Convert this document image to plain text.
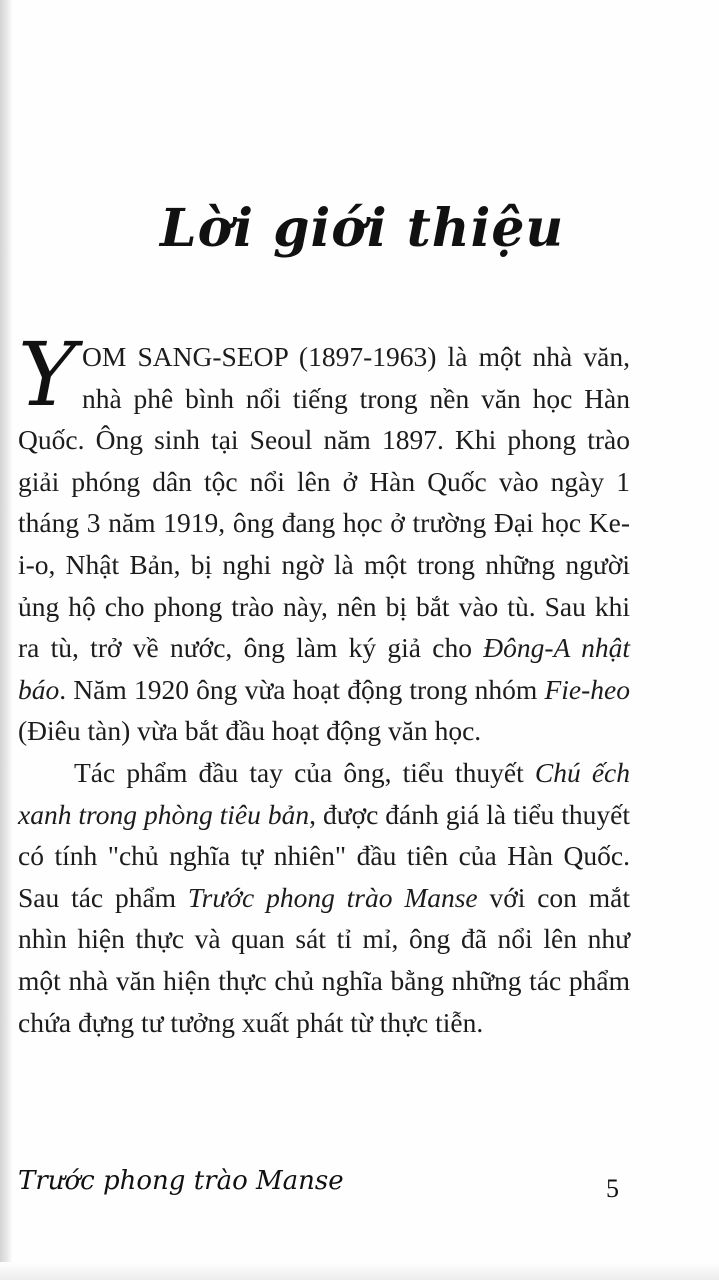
Lời giới thiệu

YOM SANG-SEOP (1897-1963) là một nhà văn, nhà phê bình nổi tiếng trong nền văn học Hàn Quốc. Ông sinh tại Seoul năm 1897. Khi phong trào giải phóng dân tộc nổi lên ở Hàn Quốc vào ngày 1 tháng 3 năm 1919, ông đang học ở trường Đại học Ke-i-o, Nhật Bản, bị nghi ngờ là một trong những người ủng hộ cho phong trào này, nên bị bắt vào tù. Sau khi ra tù, trở về nước, ông làm ký giả cho Đông-A nhật báo. Năm 1920 ông vừa hoạt động trong nhóm Fie-heo (Điêu tàn) vừa bắt đầu hoạt động văn học.

Tác phẩm đầu tay của ông, tiểu thuyết Chú ếch xanh trong phòng tiêu bản, được đánh giá là tiểu thuyết có tính "chủ nghĩa tự nhiên" đầu tiên của Hàn Quốc. Sau tác phẩm Trước phong trào Manse với con mắt nhìn hiện thực và quan sát tỉ mỉ, ông đã nổi lên như một nhà văn hiện thực chủ nghĩa bằng những tác phẩm chứa đựng tư tưởng xuất phát từ thực tiễn.

Trước phong trào Manse	5
